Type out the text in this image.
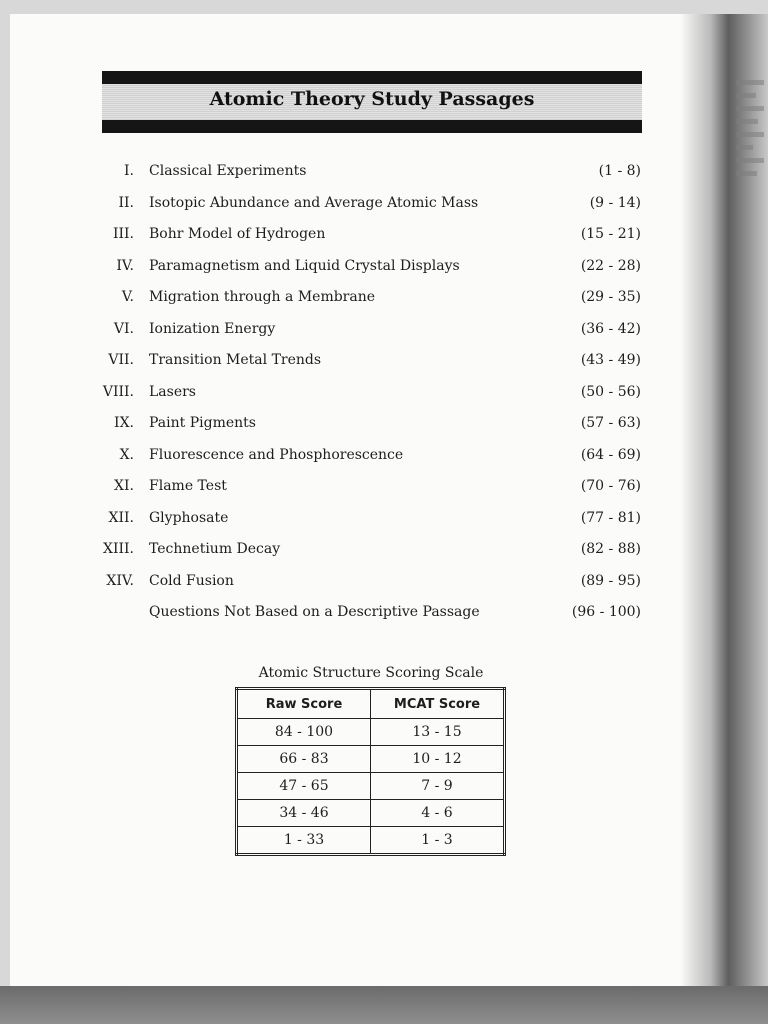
Atomic Theory Study Passages
I. Classical Experiments	(1 - 8)
II. Isotopic Abundance and Average Atomic Mass	(9 - 14)
III. Bohr Model of Hydrogen	(15 - 21)
IV. Paramagnetism and Liquid Crystal Displays	(22 - 28)
V. Migration through a Membrane	(29 - 35)
VI. Ionization Energy	(36 - 42)
VII. Transition Metal Trends	(43 - 49)
VIII. Lasers	(50 - 56)
IX. Paint Pigments	(57 - 63)
X. Fluorescence and Phosphorescence	(64 - 69)
XI. Flame Test	(70 - 76)
XII. Glyphosate	(77 - 81)
XIII. Technetium Decay	(82 - 88)
XIV. Cold Fusion	(89 - 95)
Questions Not Based on a Descriptive Passage	(96 - 100)
Atomic Structure Scoring Scale
Raw Score	MCAT Score
84 - 100	13 - 15
66 - 83	10 - 12
47 - 65	7 - 9
34 - 46	4 - 6
1 - 33	1 - 3
